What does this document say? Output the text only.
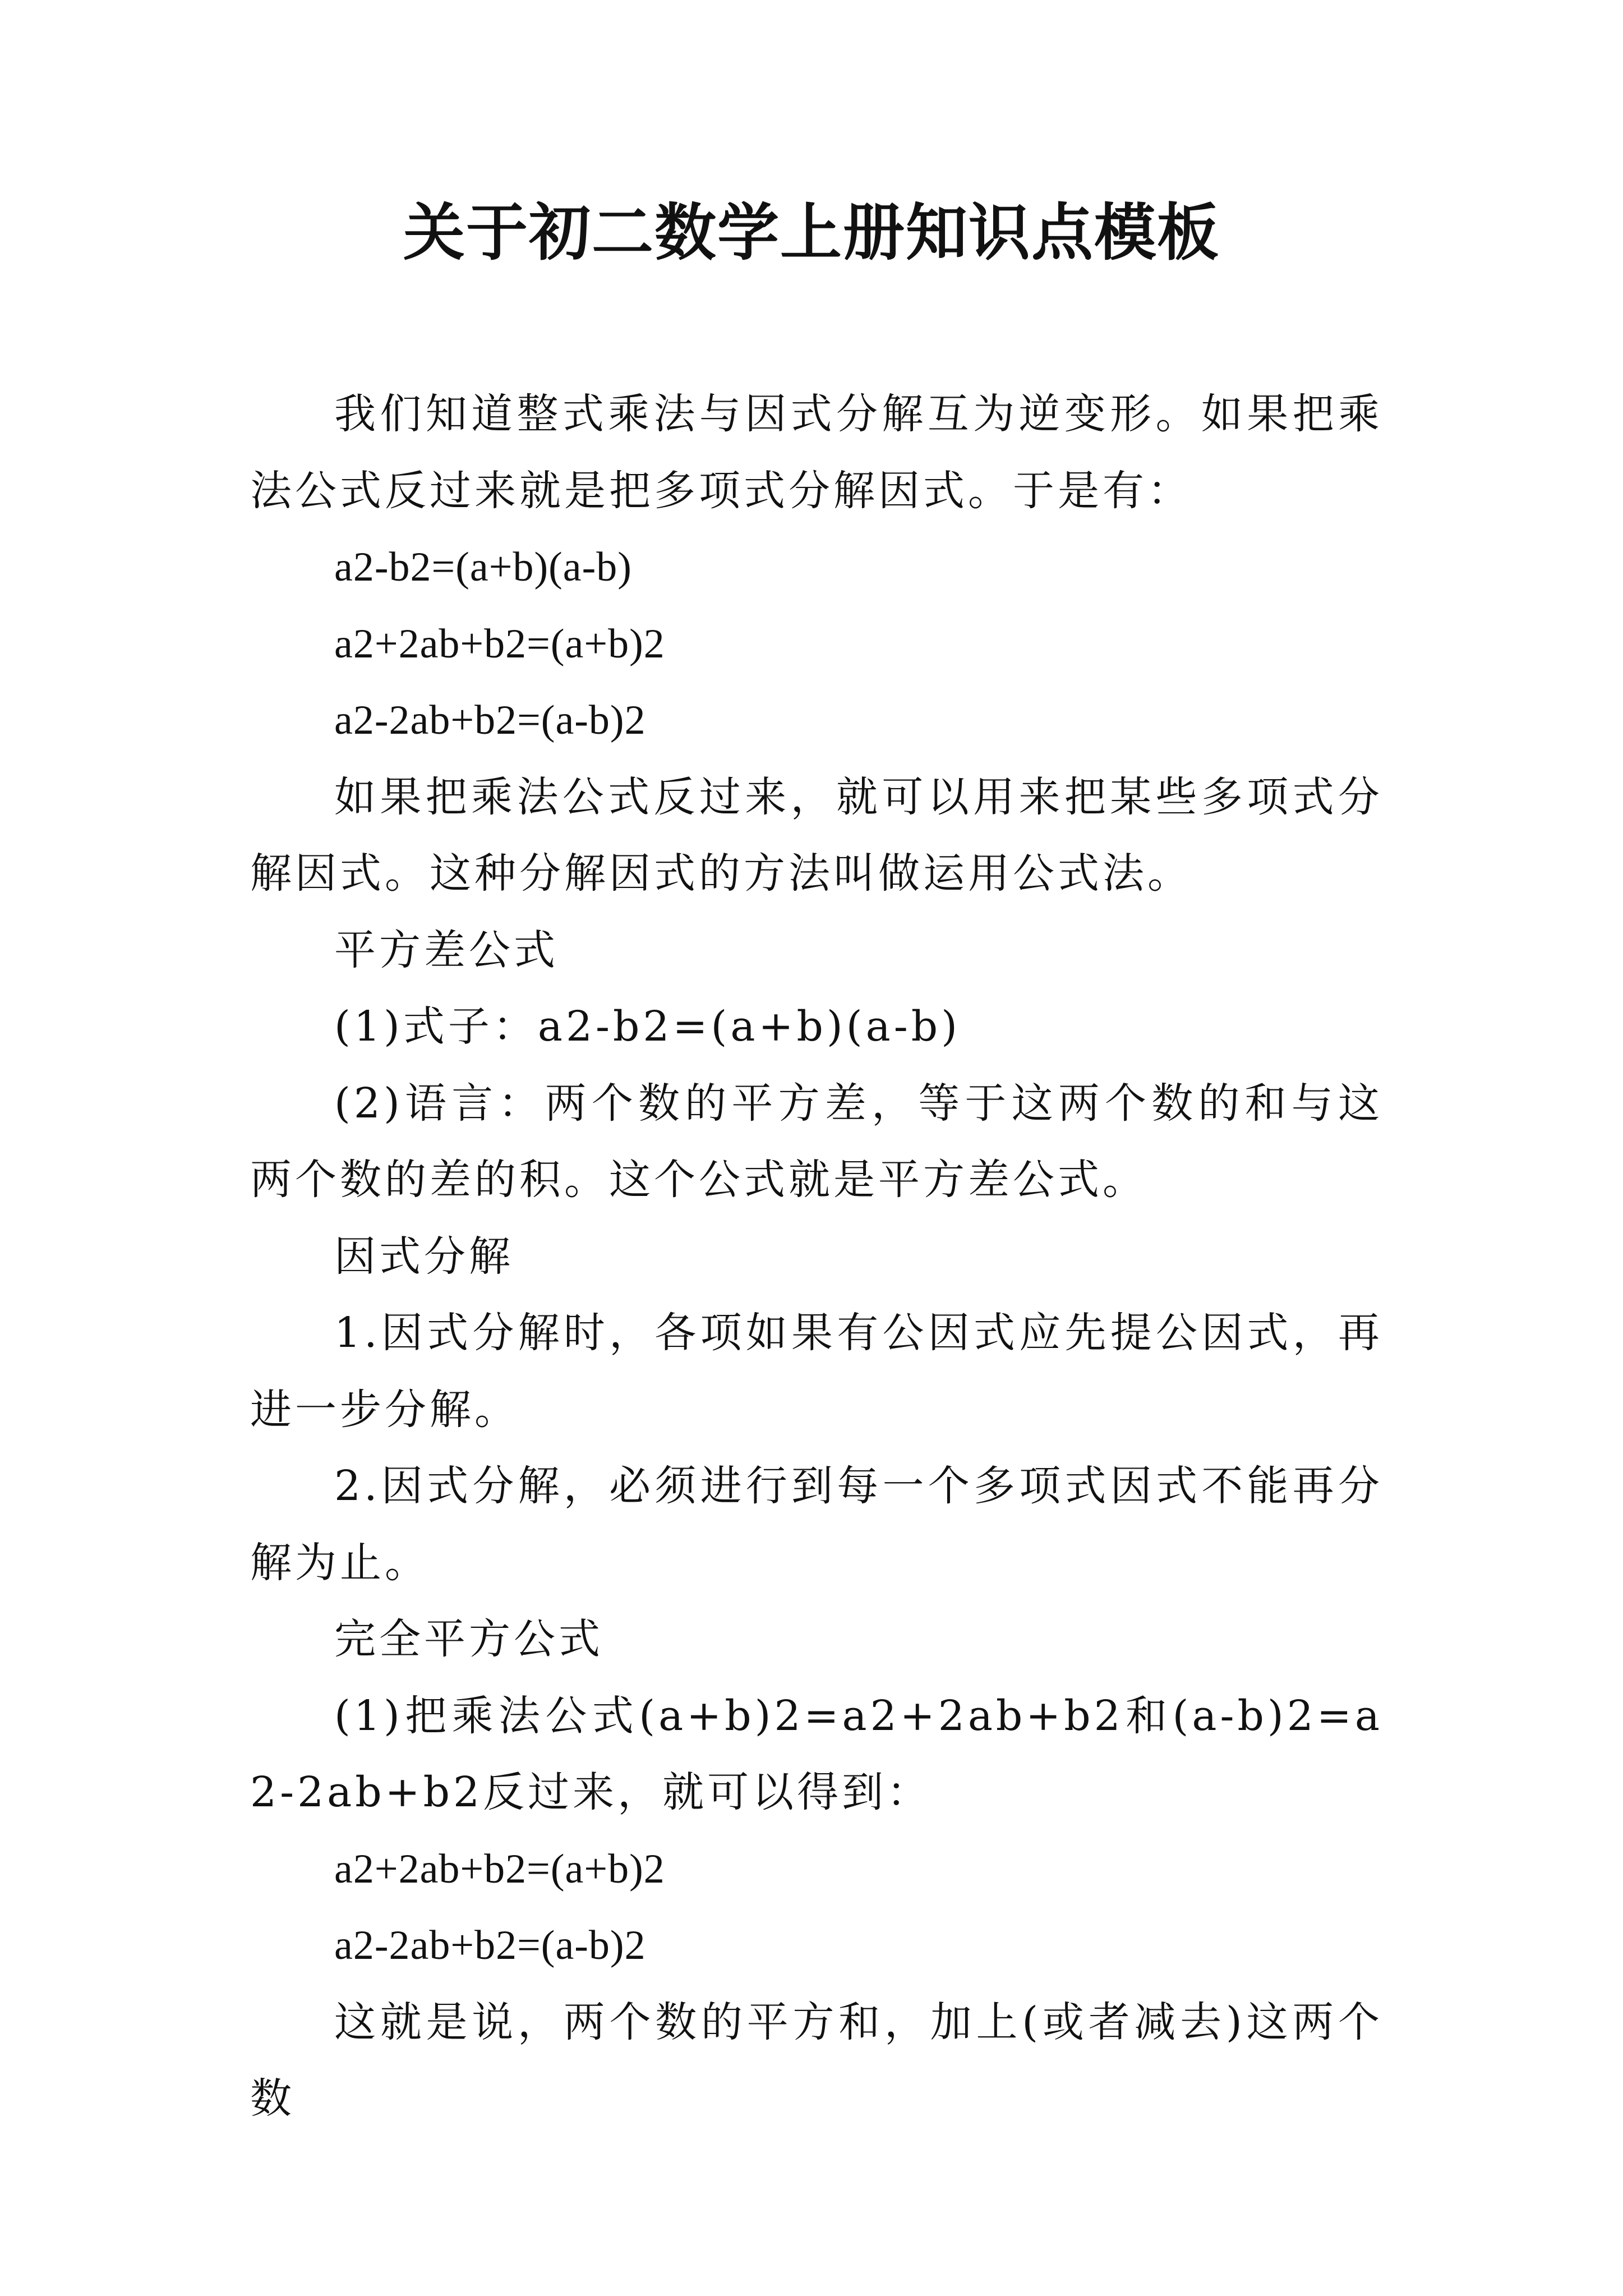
关于初二数学上册知识点模板

我们知道整式乘法与因式分解互为逆变形。如果把乘法公式反过来就是把多项式分解因式。于是有：

a2-b2=(a+b)(a-b)

a2+2ab+b2=(a+b)2

a2-2ab+b2=(a-b)2

如果把乘法公式反过来，就可以用来把某些多项式分解因式。这种分解因式的方法叫做运用公式法。

平方差公式

(1)式子：a2-b2=(a+b)(a-b)

(2)语言：两个数的平方差，等于这两个数的和与这两个数的差的积。这个公式就是平方差公式。

因式分解

1.因式分解时，各项如果有公因式应先提公因式，再进一步分解。

2.因式分解，必须进行到每一个多项式因式不能再分解为止。

完全平方公式

(1)把乘法公式(a+b)2=a2+2ab+b2和(a-b)2=a2-2ab+b2反过来，就可以得到：

a2+2ab+b2=(a+b)2

a2-2ab+b2=(a-b)2

这就是说，两个数的平方和，加上(或者减去)这两个数
